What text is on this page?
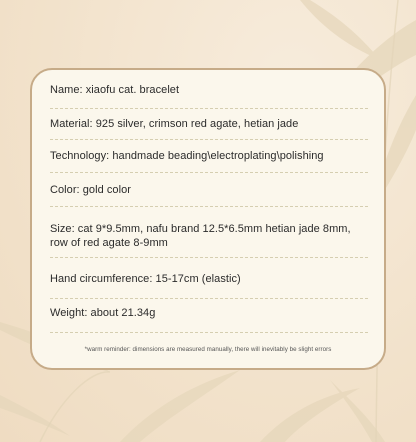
Name: xiaofu cat. bracelet
Material: 925 silver, crimson red agate, hetian jade
Technology: handmade beading\electroplating\polishing
Color: gold color
Size: cat 9*9.5mm, nafu brand 12.5*6.5mm hetian jade 8mm, row of red agate 8-9mm
Hand circumference: 15-17cm (elastic)
Weight: about 21.34g
*warm reminder: dimensions are measured manually, there will inevitably be slight errors
